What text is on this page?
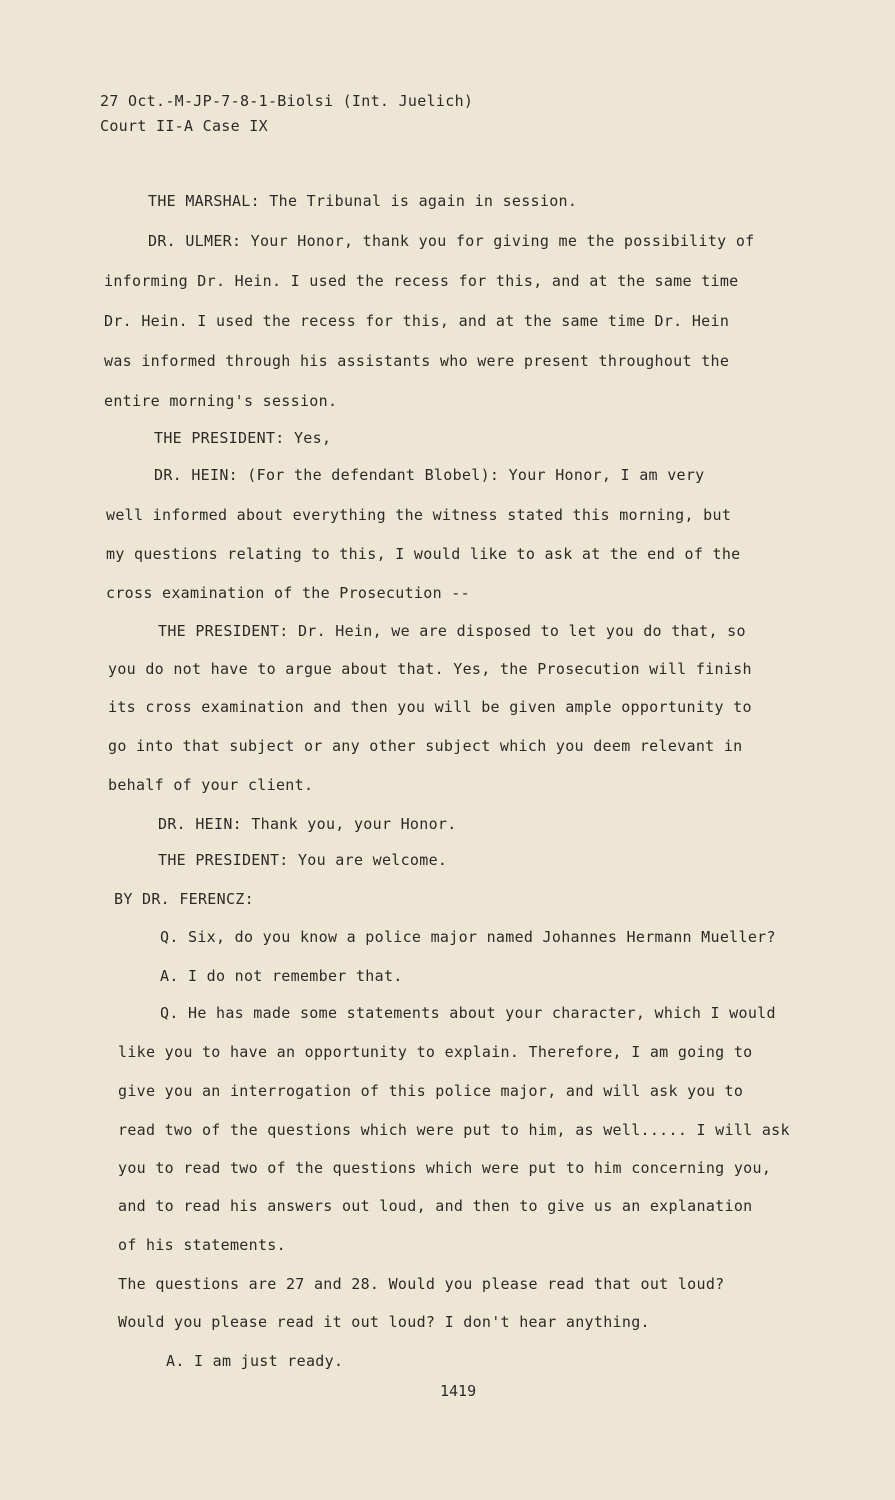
27 Oct.-M-JP-7-8-1-Biolsi (Int. Juelich)
Court II-A Case IX
THE MARSHAL: The Tribunal is again in session.
DR. ULMER: Your Honor, thank you for giving me the possibility of
informing Dr. Hein. I used the recess for this, and at the same time
Dr. Hein. I used the recess for this, and at the same time Dr. Hein
was informed through his assistants who were present throughout the
entire morning's session.
THE PRESIDENT: Yes,
DR. HEIN: (For the defendant Blobel): Your Honor, I am very
well informed about everything the witness stated this morning, but
my questions relating to this, I would like to ask at the end of the
cross examination of the Prosecution --
THE PRESIDENT: Dr. Hein, we are disposed to let you do that, so
you do not have to argue about that. Yes, the Prosecution will finish
its cross examination and then you will be given ample opportunity to
go into that subject or any other subject which you deem relevant in
behalf of your client.
DR. HEIN: Thank you, your Honor.
THE PRESIDENT: You are welcome.
BY DR. FERENCZ:
Q. Six, do you know a police major named Johannes Hermann Mueller?
A. I do not remember that.
Q. He has made some statements about your character, which I would
like you to have an opportunity to explain. Therefore, I am going to
give you an interrogation of this police major, and will ask you to
read two of the questions which were put to him, as well..... I will ask
you to read two of the questions which were put to him concerning you,
and to read his answers out loud, and then to give us an explanation
of his statements.
The questions are 27 and 28. Would you please read that out loud?
Would you please read it out loud? I don't hear anything.
A. I am just ready.
1419
